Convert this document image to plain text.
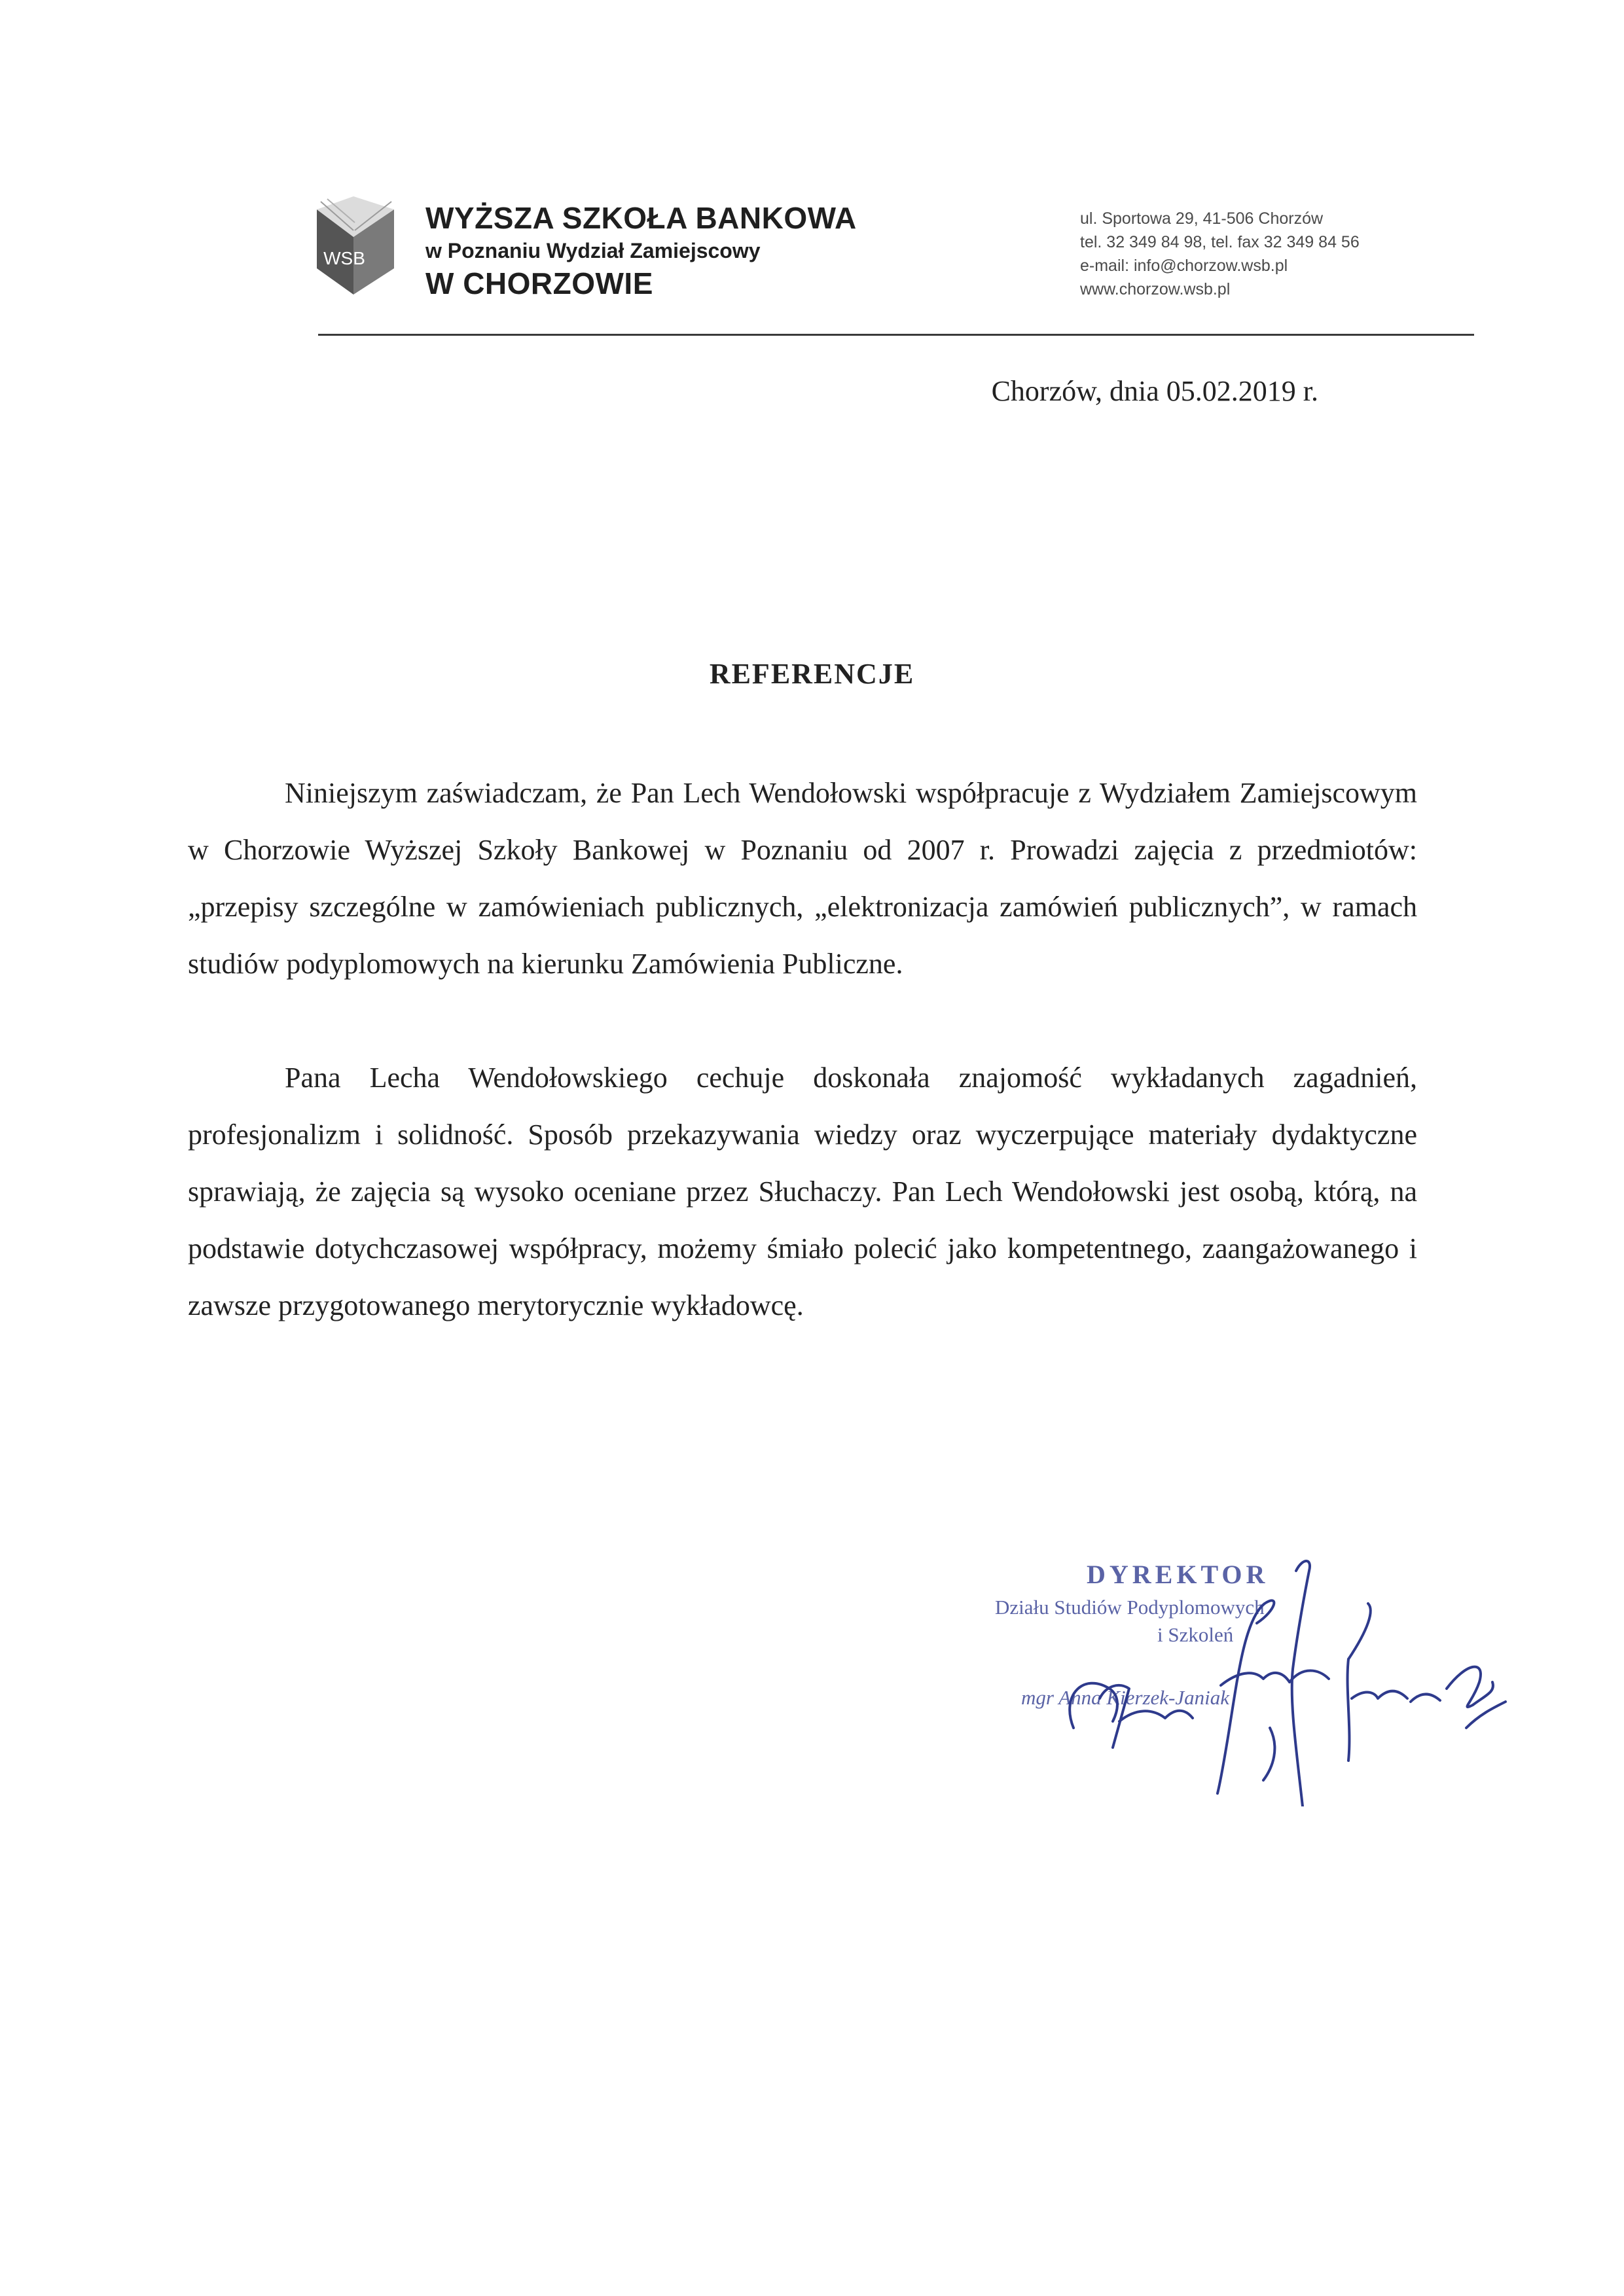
WSB
WYŻSZA SZKOŁA BANKOWA
w Poznaniu Wydział Zamiejscowy
W CHORZOWIE
ul. Sportowa 29, 41-506 Chorzów
tel. 32 349 84 98, tel. fax 32 349 84 56
e-mail: info@chorzow.wsb.pl
www.chorzow.wsb.pl
Chorzów, dnia 05.02.2019 r.
REFERENCJE

Niniejszym zaświadczam, że Pan Lech Wendołowski współpracuje z Wydziałem Zamiejscowym w Chorzowie Wyższej Szkoły Bankowej w Poznaniu od 2007 r. Prowadzi zajęcia z przedmiotów: „przepisy szczególne w zamówieniach publicznych, „elektronizacja zamówień publicznych”, w ramach studiów podyplomowych na kierunku Zamówienia Publiczne.

Pana Lecha Wendołowskiego cechuje doskonała znajomość wykładanych zagadnień, profesjonalizm i solidność. Sposób przekazywania wiedzy oraz wyczerpujące materiały dydaktyczne sprawiają, że zajęcia są wysoko oceniane przez Słuchaczy. Pan Lech Wendołowski jest osobą, którą, na podstawie dotychczasowej współpracy, możemy śmiało polecić jako kompetentnego, zaangażowanego i zawsze przygotowanego merytorycznie wykładowcę.

DYREKTOR
Działu Studiów Podyplomowych
i Szkoleń
mgr Anna Kierzek-Janiak
